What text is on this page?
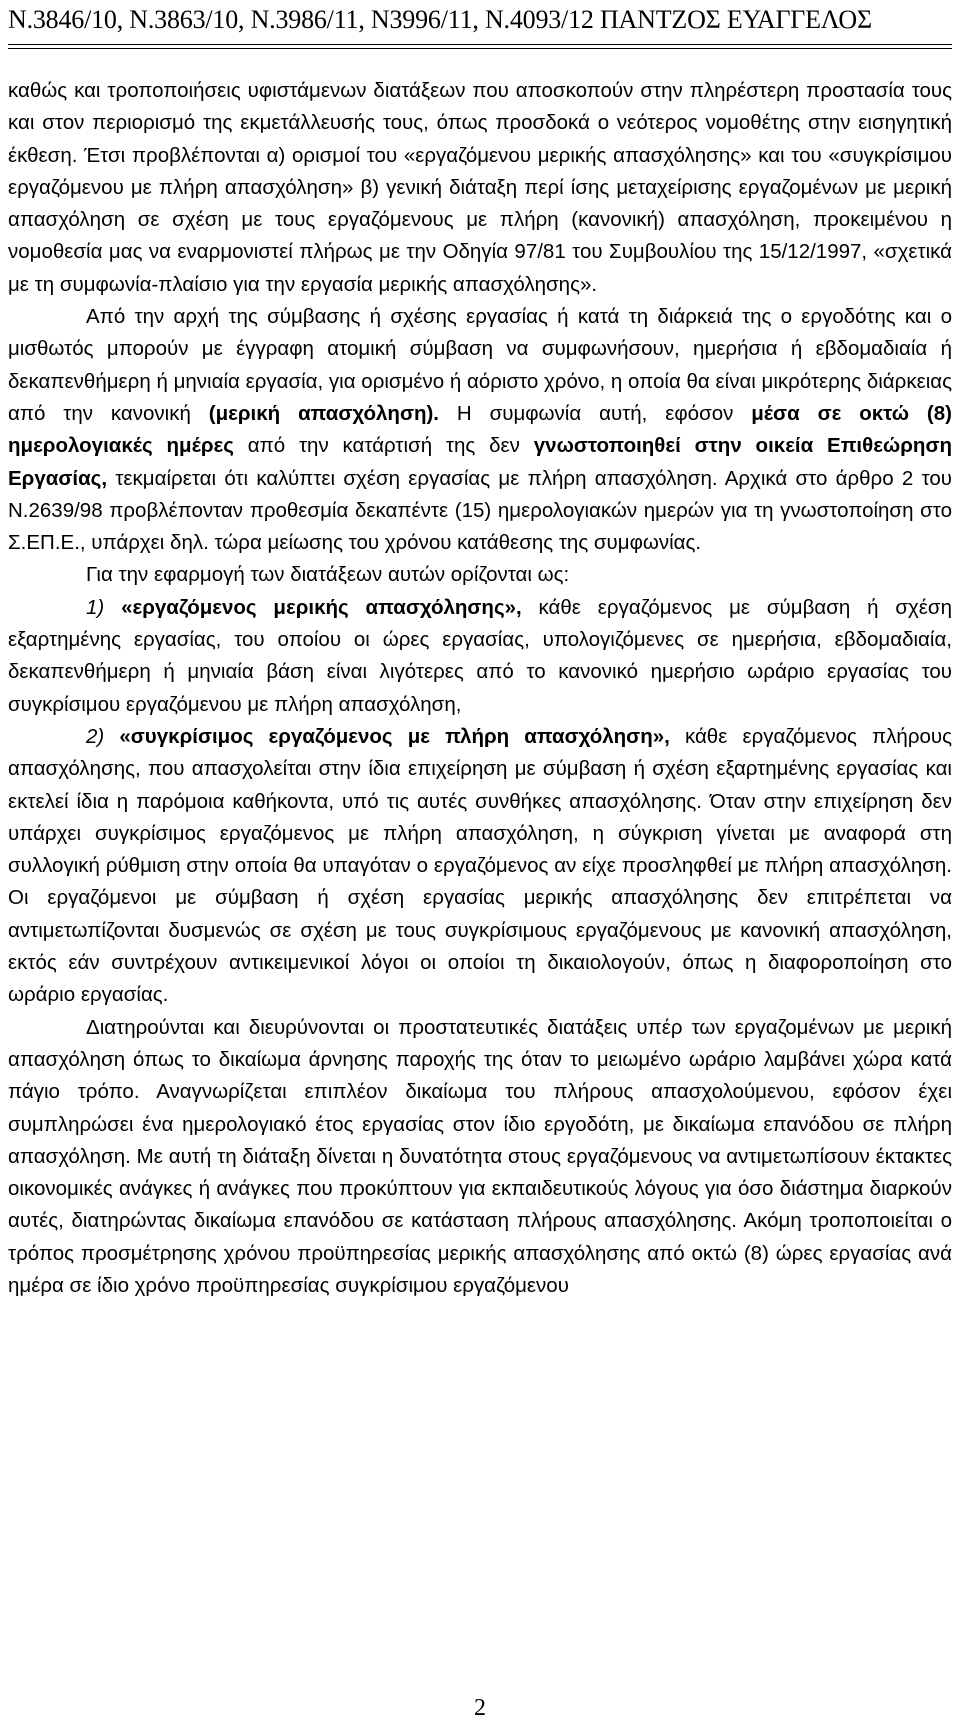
Ν.3846/10, Ν.3863/10, Ν.3986/11, Ν3996/11, Ν.4093/12 ΠΑΝΤΖΟΣ ΕΥΑΓΓΕΛΟΣ

καθώς και τροποποιήσεις υφιστάμενων διατάξεων που αποσκοπούν στην πληρέστερη προστασία τους και στον περιορισμό της εκμετάλλευσής τους, όπως προσδοκά ο νεότερος νομοθέτης στην εισηγητική έκθεση. Έτσι προβλέπονται α) ορισμοί του «εργαζόμενου μερικής απασχόλησης» και του «συγκρίσιμου εργαζόμενου με πλήρη απασχόληση» β) γενική διάταξη περί ίσης μεταχείρισης εργαζομένων με μερική απασχόληση σε σχέση με τους εργαζόμενους με πλήρη (κανονική) απασχόληση, προκειμένου η νομοθεσία μας να εναρμονιστεί πλήρως με την Οδηγία 97/81 του Συμβουλίου της 15/12/1997, «σχετικά με τη συμφωνία-πλαίσιο για την εργασία μερικής απασχόλησης».

Από την αρχή της σύμβασης ή σχέσης εργασίας ή κατά τη διάρκειά της ο εργοδότης και ο μισθωτός μπορούν με έγγραφη ατομική σύμβαση να συμφωνήσουν, ημερήσια ή εβδομαδιαία ή δεκαπενθήμερη ή μηνιαία εργασία, για ορισμένο ή αόριστο χρόνο, η οποία θα είναι μικρότερης διάρκειας από την κανονική (μερική απασχόληση). Η συμφωνία αυτή, εφόσον μέσα σε οκτώ (8) ημερολογιακές ημέρες από την κατάρτισή της δεν γνωστοποιηθεί στην οικεία Επιθεώρηση Εργασίας, τεκμαίρεται ότι καλύπτει σχέση εργασίας με πλήρη απασχόληση. Αρχικά στο άρθρο 2 του Ν.2639/98 προβλέπονταν προθεσμία δεκαπέντε (15) ημερολογιακών ημερών για τη γνωστοποίηση στο Σ.ΕΠ.Ε., υπάρχει δηλ. τώρα μείωσης του χρόνου κατάθεσης της συμφωνίας.

Για την εφαρμογή των διατάξεων αυτών ορίζονται ως:

1) «εργαζόμενος μερικής απασχόλησης», κάθε εργαζόμενος με σύμβαση ή σχέση εξαρτημένης εργασίας, του οποίου οι ώρες εργασίας, υπολογιζόμενες σε ημερήσια, εβδομαδιαία, δεκαπενθήμερη ή μηνιαία βάση είναι λιγότερες από το κανονικό ημερήσιο ωράριο εργασίας του συγκρίσιμου εργαζόμενου με πλήρη απασχόληση,

2) «συγκρίσιμος εργαζόμενος με πλήρη απασχόληση», κάθε εργαζόμενος πλήρους απασχόλησης, που απασχολείται στην ίδια επιχείρηση με σύμβαση ή σχέση εξαρτημένης εργασίας και εκτελεί ίδια η παρόμοια καθήκοντα, υπό τις αυτές συνθήκες απασχόλησης. Όταν στην επιχείρηση δεν υπάρχει συγκρίσιμος εργαζόμενος με πλήρη απασχόληση, η σύγκριση γίνεται με αναφορά στη συλλογική ρύθμιση στην οποία θα υπαγόταν ο εργαζόμενος αν είχε προσληφθεί με πλήρη απασχόληση. Οι εργαζόμενοι με σύμβαση ή σχέση εργασίας μερικής απασχόλησης δεν επιτρέπεται να αντιμετωπίζονται δυσμενώς σε σχέση με τους συγκρίσιμους εργαζόμενους με κανονική απασχόληση, εκτός εάν συντρέχουν αντικειμενικοί λόγοι οι οποίοι τη δικαιολογούν, όπως η διαφοροποίηση στο ωράριο εργασίας.

Διατηρούνται και διευρύνονται οι προστατευτικές διατάξεις υπέρ των εργαζομένων με μερική απασχόληση όπως το δικαίωμα άρνησης παροχής της όταν το μειωμένο ωράριο λαμβάνει χώρα κατά πάγιο τρόπο. Αναγνωρίζεται επιπλέον δικαίωμα του πλήρους απασχολούμενου, εφόσον έχει συμπληρώσει ένα ημερολογιακό έτος εργασίας στον ίδιο εργοδότη, με δικαίωμα επανόδου σε πλήρη απασχόληση. Με αυτή τη διάταξη δίνεται η δυνατότητα στους εργαζόμενους να αντιμετωπίσουν έκτακτες οικονομικές ανάγκες ή ανάγκες που προκύπτουν για εκπαιδευτικούς λόγους για όσο διάστημα διαρκούν αυτές, διατηρώντας δικαίωμα επανόδου σε κατάσταση πλήρους απασχόλησης. Ακόμη τροποποιείται ο τρόπος προσμέτρησης χρόνου προϋπηρεσίας μερικής απασχόλησης από οκτώ (8) ώρες εργασίας ανά ημέρα σε ίδιο χρόνο προϋπηρεσίας συγκρίσιμου εργαζόμενου

2
